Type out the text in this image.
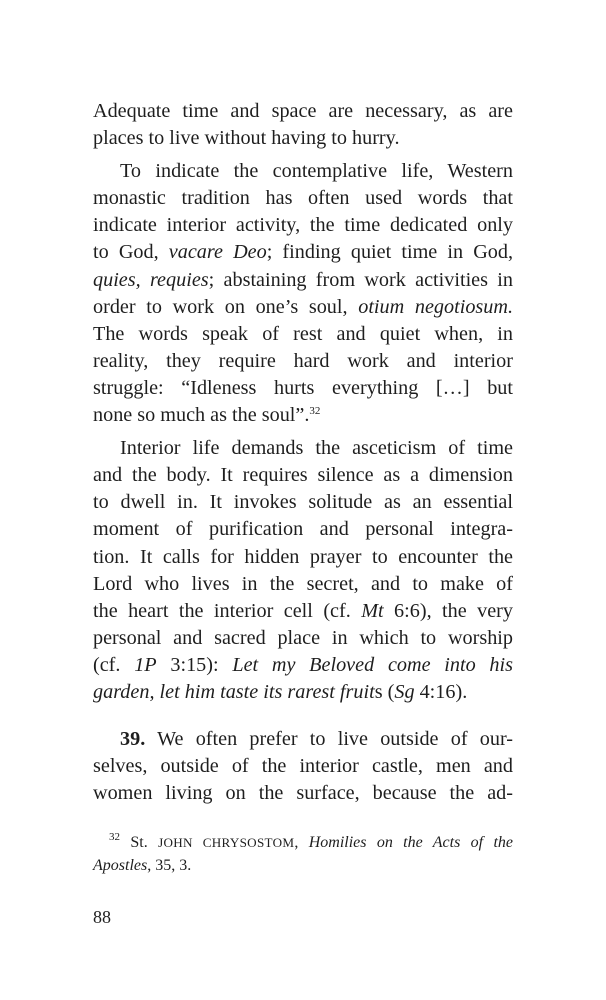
Adequate time and space are necessary, as are
places to live without having to hurry.
To indicate the contemplative life, Western
monastic tradition has often used words that
indicate interior activity, the time dedicated only
to God, vacare Deo; finding quiet time in God,
quies, requies; abstaining from work activities in
order to work on one’s soul, otium negotiosum.
The words speak of rest and quiet when, in
reality, they require hard work and interior
struggle: “Idleness hurts everything […] but
none so much as the soul”.$^{32}$
Interior life demands the asceticism of time
and the body. It requires silence as a dimension
to dwell in. It invokes solitude as an essential
moment of purification and personal integra-
tion. It calls for hidden prayer to encounter the
Lord who lives in the secret, and to make of
the heart the interior cell (cf. Mt 6:6), the very
personal and sacred place in which to worship
(cf. 1P 3:15): Let my Beloved come into his
garden, let him taste its rarest fruits (Sg 4:16).
39. We often prefer to live outside of our-
selves, outside of the interior castle, men and
women living on the surface, because the ad-
$^{32}$ St. JOHN CHRYSOSTOM, Homilies on the Acts of the
Apostles, 35, 3.
88
